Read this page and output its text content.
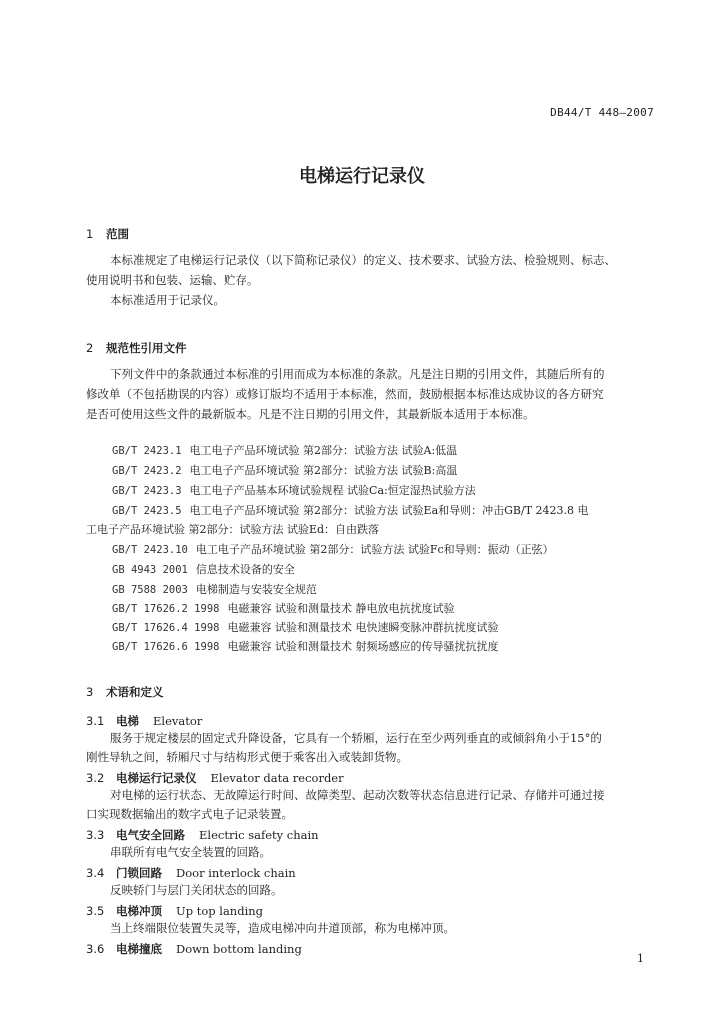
DB44/T 448—2007
电梯运行记录仪
1 范围
本标准规定了电梯运行记录仪（以下简称记录仪）的定义、技术要求、试验方法、检验规则、标志、
使用说明书和包装、运输、贮存。
本标准适用于记录仪。
2 规范性引用文件
下列文件中的条款通过本标准的引用而成为本标准的条款。凡是注日期的引用文件，其随后所有的
修改单（不包括勘误的内容）或修订版均不适用于本标准，然而，鼓励根据本标准达成协议的各方研究
是否可使用这些文件的最新版本。凡是不注日期的引用文件，其最新版本适用于本标准。
GB/T 2423.1 电工电子产品环境试验 第2部分：试验方法 试验A:低温
GB/T 2423.2 电工电子产品环境试验 第2部分：试验方法 试验B:高温
GB/T 2423.3 电工电子产品基本环境试验规程 试验Ca:恒定湿热试验方法
GB/T 2423.5 电工电子产品环境试验 第2部分：试验方法 试验Ea和导则：冲击GB/T 2423.8 电
工电子产品环境试验 第2部分：试验方法 试验Ed：自由跌落
GB/T 2423.10 电工电子产品环境试验 第2部分：试验方法 试验Fc和导则：振动（正弦）
GB 4943 2001 信息技术设备的安全
GB 7588 2003 电梯制造与安装安全规范
GB/T 17626.2 1998 电磁兼容 试验和测量技术 静电放电抗扰度试验
GB/T 17626.4 1998 电磁兼容 试验和测量技术 电快速瞬变脉冲群抗扰度试验
GB/T 17626.6 1998 电磁兼容 试验和测量技术 射频场感应的传导骚扰抗扰度
3 术语和定义
3.1 电梯 Elevator
服务于规定楼层的固定式升降设备，它具有一个轿厢，运行在至少两列垂直的或倾斜角小于15°的
刚性导轨之间，轿厢尺寸与结构形式便于乘客出入或装卸货物。
3.2 电梯运行记录仪 Elevator data recorder
对电梯的运行状态、无故障运行时间、故障类型、起动次数等状态信息进行记录、存储并可通过接
口实现数据输出的数字式电子记录装置。
3.3 电气安全回路 Electric safety chain
串联所有电气安全装置的回路。
3.4 门锁回路 Door interlock chain
反映轿门与层门关闭状态的回路。
3.5 电梯冲顶 Up top landing
当上终端限位装置失灵等，造成电梯冲向井道顶部，称为电梯冲顶。
3.6 电梯撞底 Down bottom landing
1
